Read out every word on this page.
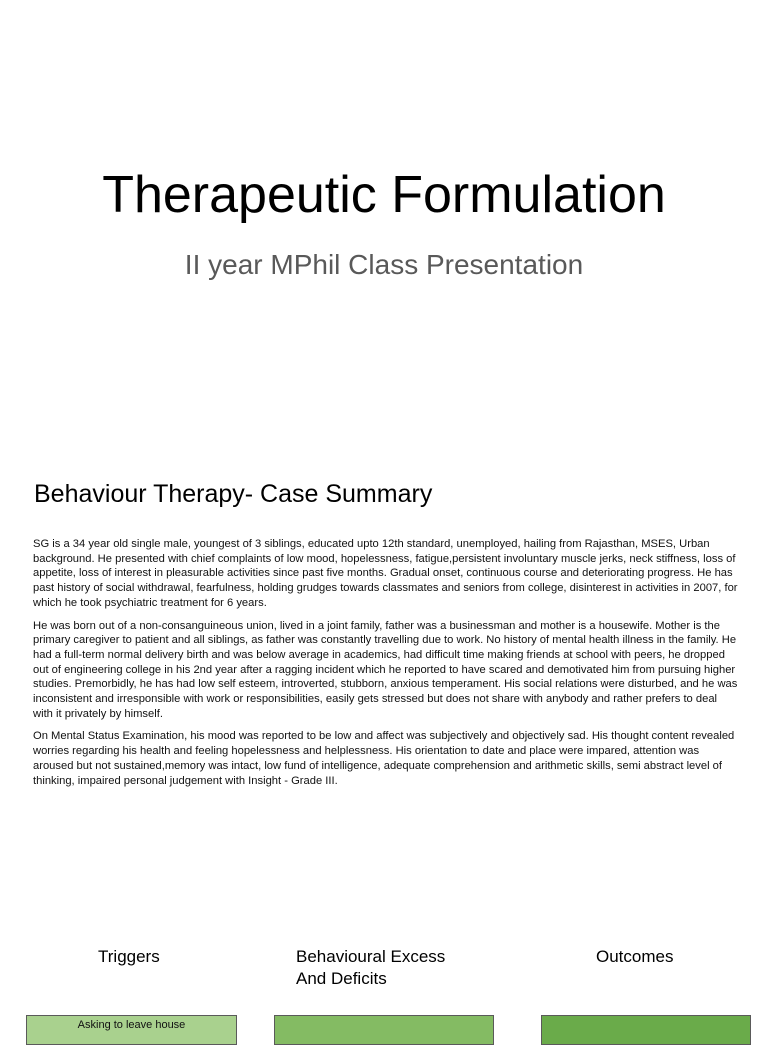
Therapeutic Formulation
II year MPhil Class Presentation
Behaviour Therapy- Case Summary

SG is a 34 year old single male, youngest of 3 siblings, educated upto 12th standard, unemployed, hailing from Rajasthan, MSES, Urban background. He presented with chief complaints of low mood, hopelessness, fatigue,persistent involuntary muscle jerks, neck stiffness, loss of appetite, loss of interest in pleasurable activities since past five months. Gradual onset, continuous course and deteriorating progress. He has past history of social withdrawal, fearfulness, holding grudges towards classmates and seniors from college, disinterest in activities in 2007, for which he took psychiatric treatment for 6 years.

He was born out of a non-consanguineous union, lived in a joint family, father was a businessman and mother is a housewife. Mother is the primary caregiver to patient and all siblings, as father was constantly travelling due to work. No history of mental health illness in the family. He had a full-term normal delivery birth and was below average in academics, had difficult time making friends at school with peers, he dropped out of engineering college in his 2nd year after a ragging incident which he reported to have scared and demotivated him from pursuing higher studies. Premorbidly, he has had low self esteem, introverted, stubborn, anxious temperament. His social relations were disturbed, and he was inconsistent and irresponsible with work or responsibilities, easily gets stressed but does not share with anybody and rather prefers to deal with it privately by himself.

On Mental Status Examination, his mood was reported to be low and affect was subjectively and objectively sad. His thought content revealed worries regarding his health and feeling hopelessness and helplessness. His orientation to date and place were impared, attention was aroused but not sustained,memory was intact, low fund of intelligence, adequate comprehension and arithmetic skills, semi abstract level of thinking, impaired personal judgement with Insight - Grade III.

Triggers	Behavioural Excess
And Deficits
Outcomes
Asking to leave house
